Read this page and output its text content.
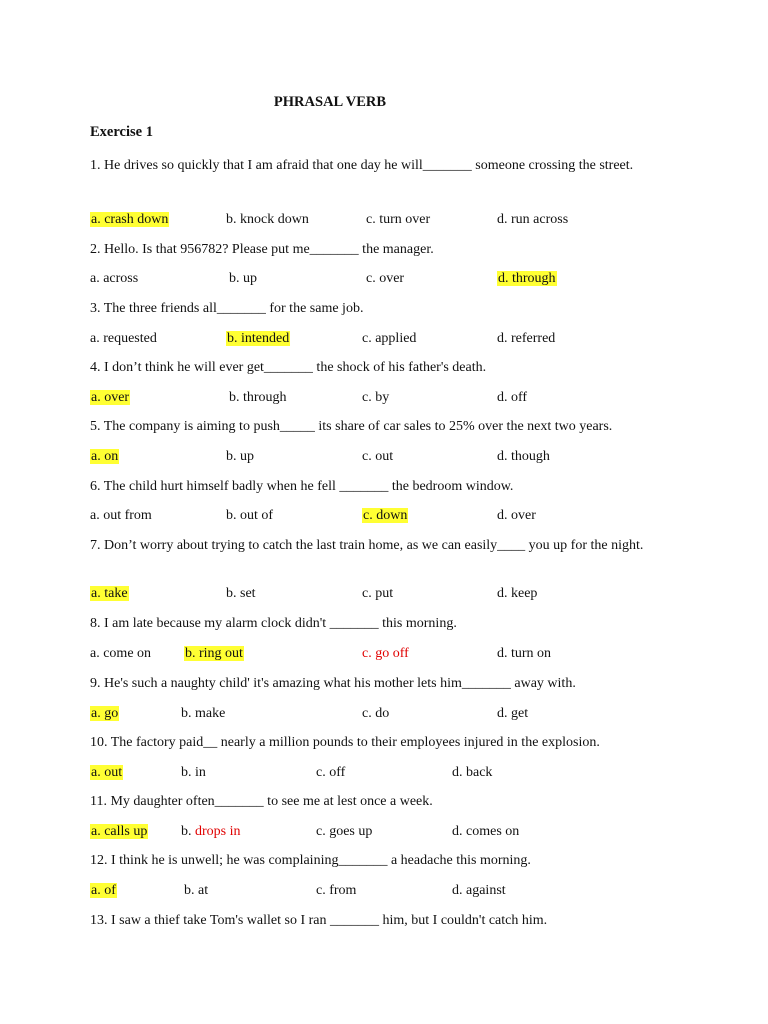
PHRASAL VERB
Exercise 1
1. He drives so quickly that I am afraid that one day he will_______ someone crossing the street.
a. crash down	b. knock down	c. turn over	d. run across
2. Hello. Is that 956782? Please put me_______ the manager.
a. across	b. up	c. over	d. through
3. The three friends all_______ for the same job.
a. requested	b. intended	c. applied	d. referred
4. I don’t think he will ever get_______ the shock of his father's death.
a. over	b. through	c. by	d. off
5. The company is aiming to push_____ its share of car sales to 25% over the next two years.
a. on	b. up	c. out	d. though
6. The child hurt himself badly when he fell _______ the bedroom window.
a. out from	b. out of	c. down	d. over
7. Don’t worry about trying to catch the last train home, as we can easily____ you up for the night.
a. take	b. set	c. put	d. keep
8. I am late because my alarm clock didn't _______ this morning.
a. come on b. ring out	c. go off	d. turn on
9. He's such a naughty child' it's amazing what his mother lets him_______ away with.
a. go	b. make	c. do	d. get
10. The factory paid__ nearly a million pounds to their employees injured in the explosion.
a. out	b. in	c. off	d. back
11. My daughter often_______ to see me at lest once a week.
a. calls up b. drops in	c. goes up	d. comes on
12. I think he is unwell; he was complaining_______ a headache this morning.
a. of	b. at	c. from	d. against
13. I saw a thief take Tom's wallet so I ran _______ him, but I couldn't catch him.
